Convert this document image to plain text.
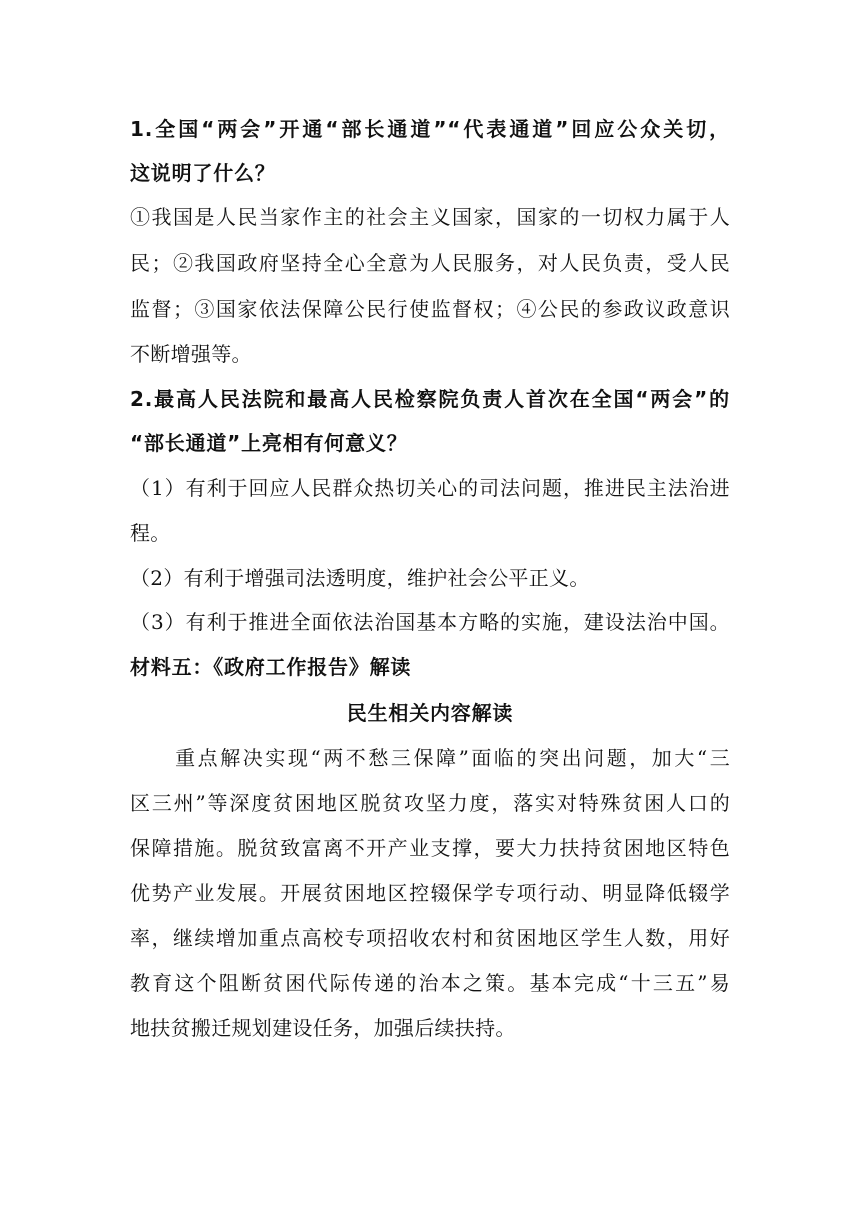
1.全国“两会”开通“部长通道”“代表通道”回应公众关切，
这说明了什么？
①我国是人民当家作主的社会主义国家，国家的一切权力属于人
民；②我国政府坚持全心全意为人民服务，对人民负责，受人民
监督；③国家依法保障公民行使监督权；④公民的参政议政意识
不断增强等。
2.最高人民法院和最高人民检察院负责人首次在全国“两会”的
“部长通道”上亮相有何意义？
（1）有利于回应人民群众热切关心的司法问题，推进民主法治进
程。
（2）有利于增强司法透明度，维护社会公平正义。
（3）有利于推进全面依法治国基本方略的实施，建设法治中国。
材料五：《政府工作报告》解读
民生相关内容解读
　　重点解决实现“两不愁三保障”面临的突出问题，加大“三
区三州”等深度贫困地区脱贫攻坚力度，落实对特殊贫困人口的
保障措施。脱贫致富离不开产业支撑，要大力扶持贫困地区特色
优势产业发展。开展贫困地区控辍保学专项行动、明显降低辍学
率，继续增加重点高校专项招收农村和贫困地区学生人数，用好
教育这个阻断贫困代际传递的治本之策。基本完成“十三五”易
地扶贫搬迁规划建设任务，加强后续扶持。
